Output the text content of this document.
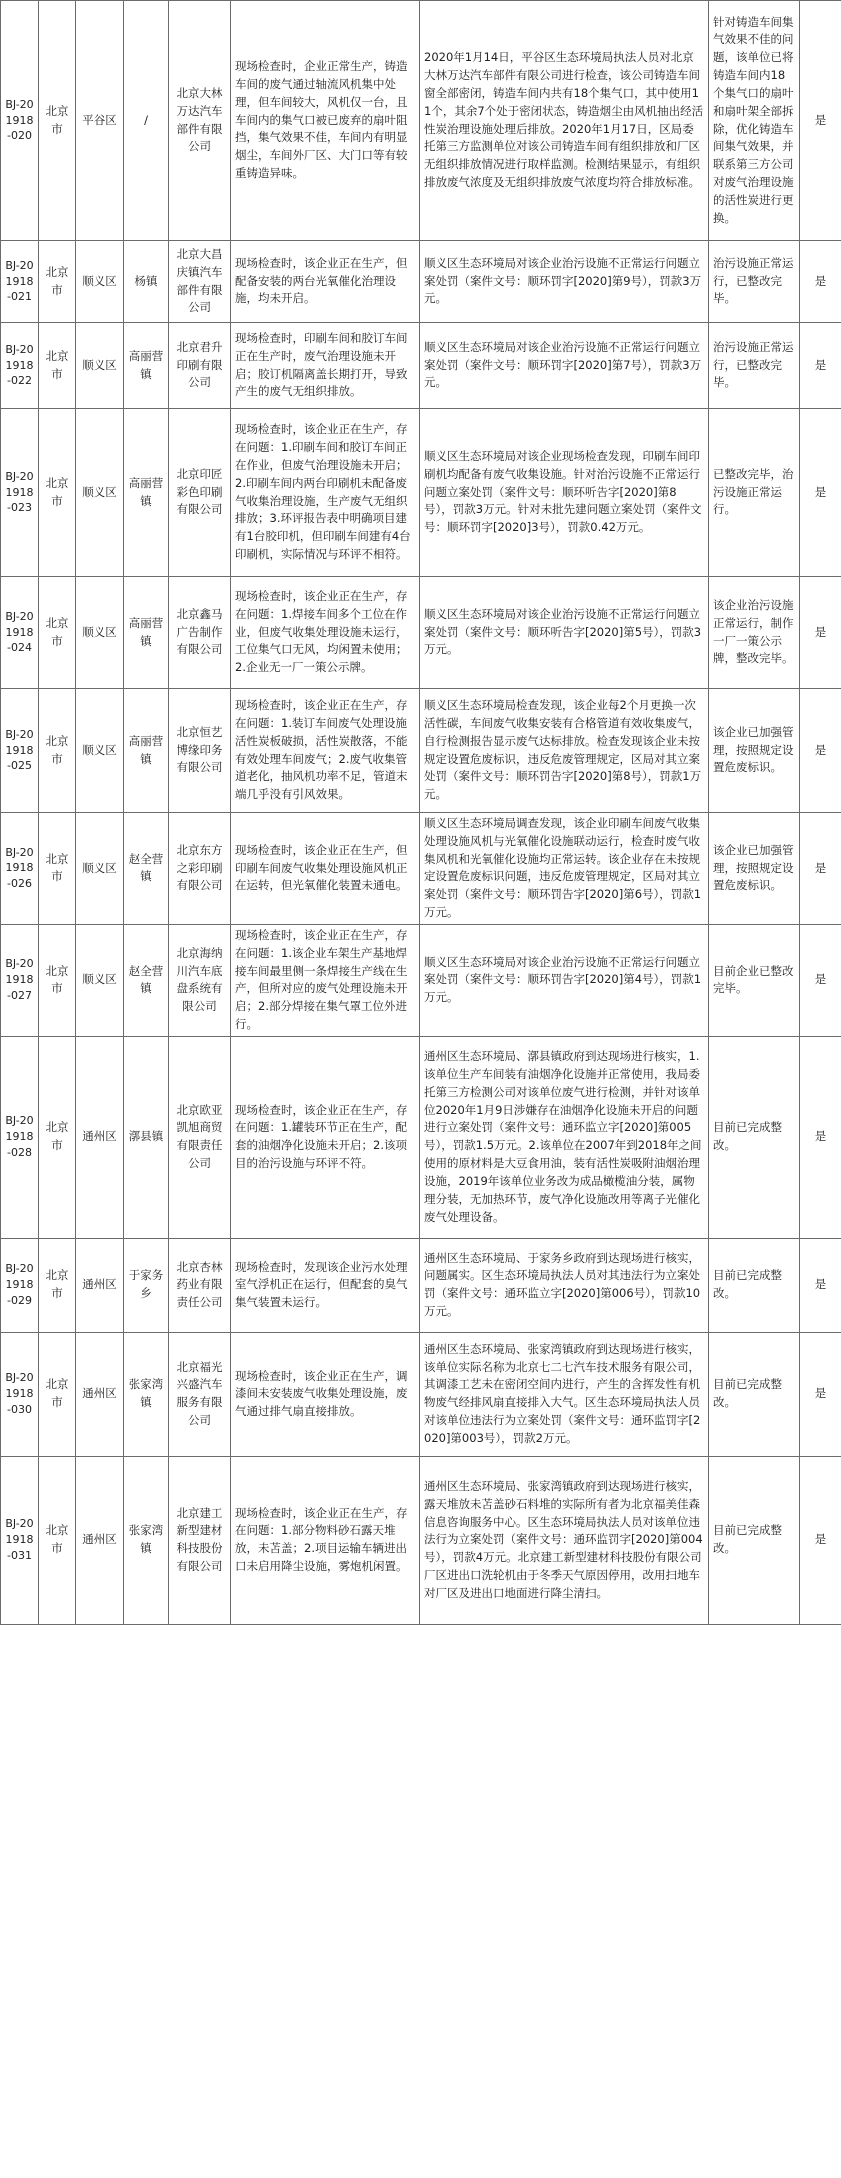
BJ-201918-020	北京市	平谷区	/	北京大林万达汽车部件有限公司	现场检查时，企业正常生产，铸造车间的废气通过轴流风机集中处理，但车间较大，风机仅一台，且车间内的集气口被已废弃的扇叶阻挡，集气效果不佳，车间内有明显烟尘，车间外厂区、大门口等有较重铸造异味。	2020年1月14日，平谷区生态环境局执法人员对北京大林万达汽车部件有限公司进行检查，该公司铸造车间窗全部密闭，铸造车间内共有18个集气口，其中使用11个，其余7个处于密闭状态，铸造烟尘由风机抽出经活性炭治理设施处理后排放。2020年1月17日，区局委托第三方监测单位对该公司铸造车间有组织排放和厂区无组织排放情况进行取样监测。检测结果显示，有组织排放废气浓度及无组织排放废气浓度均符合排放标准。	针对铸造车间集气效果不佳的问题，该单位已将铸造车间内18个集气口的扇叶和扇叶架全部拆除，优化铸造车间集气效果，并联系第三方公司对废气治理设施的活性炭进行更换。	是
BJ-201918-021	北京市	顺义区	杨镇	北京大昌庆镇汽车部件有限公司	现场检查时，该企业正在生产，但配备安装的两台光氧催化治理设施，均未开启。	顺义区生态环境局对该企业治污设施不正常运行问题立案处罚（案件文号：顺环罚字[2020]第9号），罚款3万元。	治污设施正常运行，已整改完毕。	是
BJ-201918-022	北京市	顺义区	高丽营镇	北京君升印刷有限公司	现场检查时，印刷车间和胶订车间正在生产时，废气治理设施未开启；胶订机隔离盖长期打开，导致产生的废气无组织排放。	顺义区生态环境局对该企业治污设施不正常运行问题立案处罚（案件文号：顺环罚字[2020]第7号），罚款3万元。	治污设施正常运行，已整改完毕。	是
BJ-201918-023	北京市	顺义区	高丽营镇	北京印匠彩色印刷有限公司	现场检查时，该企业正在生产，存在问题：1.印刷车间和胶订车间正在作业，但废气治理设施未开启；2.印刷车间内两台印刷机未配备废气收集治理设施，生产废气无组织排放；3.环评报告表中明确项目建有1台胶印机，但印刷车间建有4台印刷机，实际情况与环评不相符。	顺义区生态环境局对该企业现场检查发现，印刷车间印刷机均配备有废气收集设施。针对治污设施不正常运行问题立案处罚（案件文号：顺环听告字[2020]第8号），罚款3万元。针对未批先建问题立案处罚（案件文号：顺环罚字[2020]3号），罚款0.42万元。	已整改完毕，治污设施正常运行。	是
BJ-201918-024	北京市	顺义区	高丽营镇	北京鑫马广告制作有限公司	现场检查时，该企业正在生产，存在问题：1.焊接车间多个工位在作业，但废气收集处理设施未运行，工位集气口无风，均闲置未使用；2.企业无一厂一策公示牌。	顺义区生态环境局对该企业治污设施不正常运行问题立案处罚（案件文号：顺环听告字[2020]第5号），罚款3万元。	该企业治污设施正常运行，制作一厂一策公示牌，整改完毕。	是
BJ-201918-025	北京市	顺义区	高丽营镇	北京恒艺博缘印务有限公司	现场检查时，该企业正在生产，存在问题：1.装订车间废气处理设施活性炭板破损，活性炭散落，不能有效处理车间废气；2.废气收集管道老化，抽风机功率不足，管道末端几乎没有引风效果。	顺义区生态环境局检查发现，该企业每2个月更换一次活性碳，车间废气收集安装有合格管道有效收集废气，自行检测报告显示废气达标排放。检查发现该企业未按规定设置危废标识，违反危废管理规定，区局对其立案处罚（案件文号：顺环罚告字[2020]第8号），罚款1万元。	该企业已加强管理，按照规定设置危废标识。	是
BJ-201918-026	北京市	顺义区	赵全营镇	北京东方之彩印刷有限公司	现场检查时，该企业正在生产，但印刷车间废气收集处理设施风机正在运转，但光氧催化装置未通电。	顺义区生态环境局调查发现，该企业印刷车间废气收集处理设施风机与光氧催化设施联动运行，检查时废气收集风机和光氧催化设施均正常运转。该企业存在未按规定设置危废标识问题，违反危废管理规定，区局对其立案处罚（案件文号：顺环罚告字[2020]第6号），罚款1万元。	该企业已加强管理，按照规定设置危废标识。	是
BJ-201918-027	北京市	顺义区	赵全营镇	北京海纳川汽车底盘系统有限公司	现场检查时，该企业正在生产，存在问题：1.该企业车架生产基地焊接车间最里侧一条焊接生产线在生产，但所对应的废气处理设施未开启；2.部分焊接在集气罩工位外进行。	顺义区生态环境局对该企业治污设施不正常运行问题立案处罚（案件文号：顺环罚告字[2020]第4号），罚款1万元。	目前企业已整改完毕。	是
BJ-201918-028	北京市	通州区	漷县镇	北京欧亚凯旭商贸有限责任公司	现场检查时，该企业正在生产，存在问题：1.罐装环节正在生产，配套的油烟净化设施未开启；2.该项目的治污设施与环评不符。	通州区生态环境局、漷县镇政府到达现场进行核实，1.该单位生产车间装有油烟净化设施并正常使用，我局委托第三方检测公司对该单位废气进行检测，并针对该单位2020年1月9日涉嫌存在油烟净化设施未开启的问题进行立案处罚（案件文号：通环监立字[2020]第005号），罚款1.5万元。2.该单位在2007年到2018年之间使用的原材料是大豆食用油，装有活性炭吸附油烟治理设施，2019年该单位业务改为成品橄榄油分装，属物理分装，无加热环节，废气净化设施改用等离子光催化废气处理设备。	目前已完成整改。	是
BJ-201918-029	北京市	通州区	于家务乡	北京杏林药业有限责任公司	现场检查时，发现该企业污水处理室气浮机正在运行，但配套的臭气集气装置未运行。	通州区生态环境局、于家务乡政府到达现场进行核实，问题属实。区生态环境局执法人员对其违法行为立案处罚（案件文号：通环监立字[2020]第006号），罚款10万元。	目前已完成整改。	是
BJ-201918-030	北京市	通州区	张家湾镇	北京福光兴盛汽车服务有限公司	现场检查时，该企业正在生产，调漆间未安装废气收集处理设施，废气通过排气扇直接排放。	通州区生态环境局、张家湾镇政府到达现场进行核实，该单位实际名称为北京七二七汽车技术服务有限公司，其调漆工艺未在密闭空间内进行，产生的含挥发性有机物废气经排风扇直接排入大气。区生态环境局执法人员对该单位违法行为立案处罚（案件文号：通环监罚字[2020]第003号），罚款2万元。	目前已完成整改。	是
BJ-201918-031	北京市	通州区	张家湾镇	北京建工新型建材科技股份有限公司	现场检查时，该企业正在生产，存在问题：1.部分物料砂石露天堆放，未苫盖；2.项目运输车辆进出口未启用降尘设施，雾炮机闲置。	通州区生态环境局、张家湾镇政府到达现场进行核实，露天堆放未苫盖砂石料堆的实际所有者为北京福美佳森信息咨询服务中心。区生态环境局执法人员对该单位违法行为立案处罚（案件文号：通环监罚字[2020]第004号），罚款4万元。北京建工新型建材科技股份有限公司厂区进出口洗轮机由于冬季天气原因停用，改用扫地车对厂区及进出口地面进行降尘清扫。	目前已完成整改。	是
